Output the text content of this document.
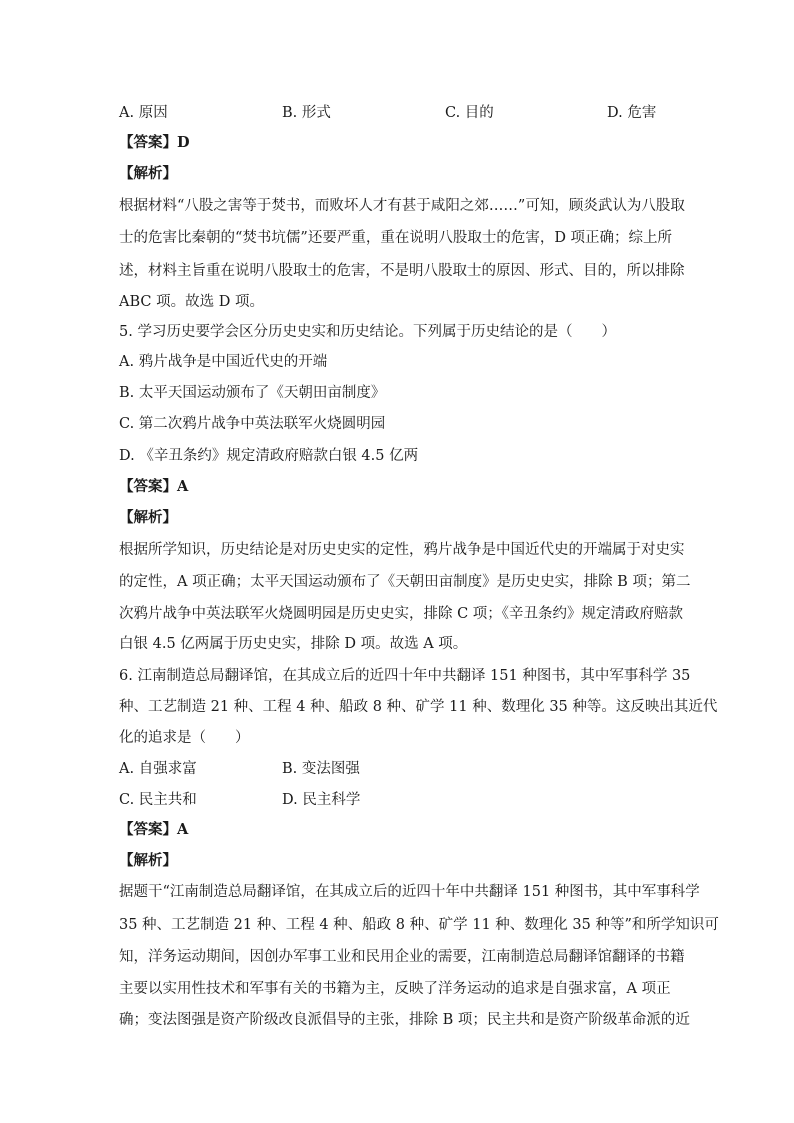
A. 原因	B. 形式	C. 目的	D. 危害
【答案】D
【解析】
根据材料“八股之害等于焚书，而败坏人才有甚于咸阳之郊……”可知，顾炎武认为八股取
士的危害比秦朝的“焚书坑儒”还要严重，重在说明八股取士的危害，D 项正确；综上所
述，材料主旨重在说明八股取士的危害，不是明八股取士的原因、形式、目的，所以排除
ABC 项。故选 D 项。
5. 学习历史要学会区分历史史实和历史结论。下列属于历史结论的是（　　）
A. 鸦片战争是中国近代史的开端
B. 太平天国运动颁布了《天朝田亩制度》
C. 第二次鸦片战争中英法联军火烧圆明园
D. 《辛丑条约》规定清政府赔款白银 4.5 亿两
【答案】A
【解析】
根据所学知识，历史结论是对历史史实的定性，鸦片战争是中国近代史的开端属于对史实
的定性，A 项正确；太平天国运动颁布了《天朝田亩制度》是历史史实，排除 B 项；第二
次鸦片战争中英法联军火烧圆明园是历史史实，排除 C 项；《辛丑条约》规定清政府赔款
白银 4.5 亿两属于历史史实，排除 D 项。故选 A 项。
6. 江南制造总局翻译馆，在其成立后的近四十年中共翻译 151 种图书，其中军事科学 35
种、工艺制造 21 种、工程 4 种、船政 8 种、矿学 11 种、数理化 35 种等。这反映出其近代
化的追求是（　　）
A. 自强求富	B. 变法图强
C. 民主共和	D. 民主科学
【答案】A
【解析】
据题干“江南制造总局翻译馆，在其成立后的近四十年中共翻译 151 种图书，其中军事科学
35 种、工艺制造 21 种、工程 4 种、船政 8 种、矿学 11 种、数理化 35 种等”和所学知识可
知，洋务运动期间，因创办军事工业和民用企业的需要，江南制造总局翻译馆翻译的书籍
主要以实用性技术和军事有关的书籍为主，反映了洋务运动的追求是自强求富，A 项正
确；变法图强是资产阶级改良派倡导的主张，排除 B 项；民主共和是资产阶级革命派的近
